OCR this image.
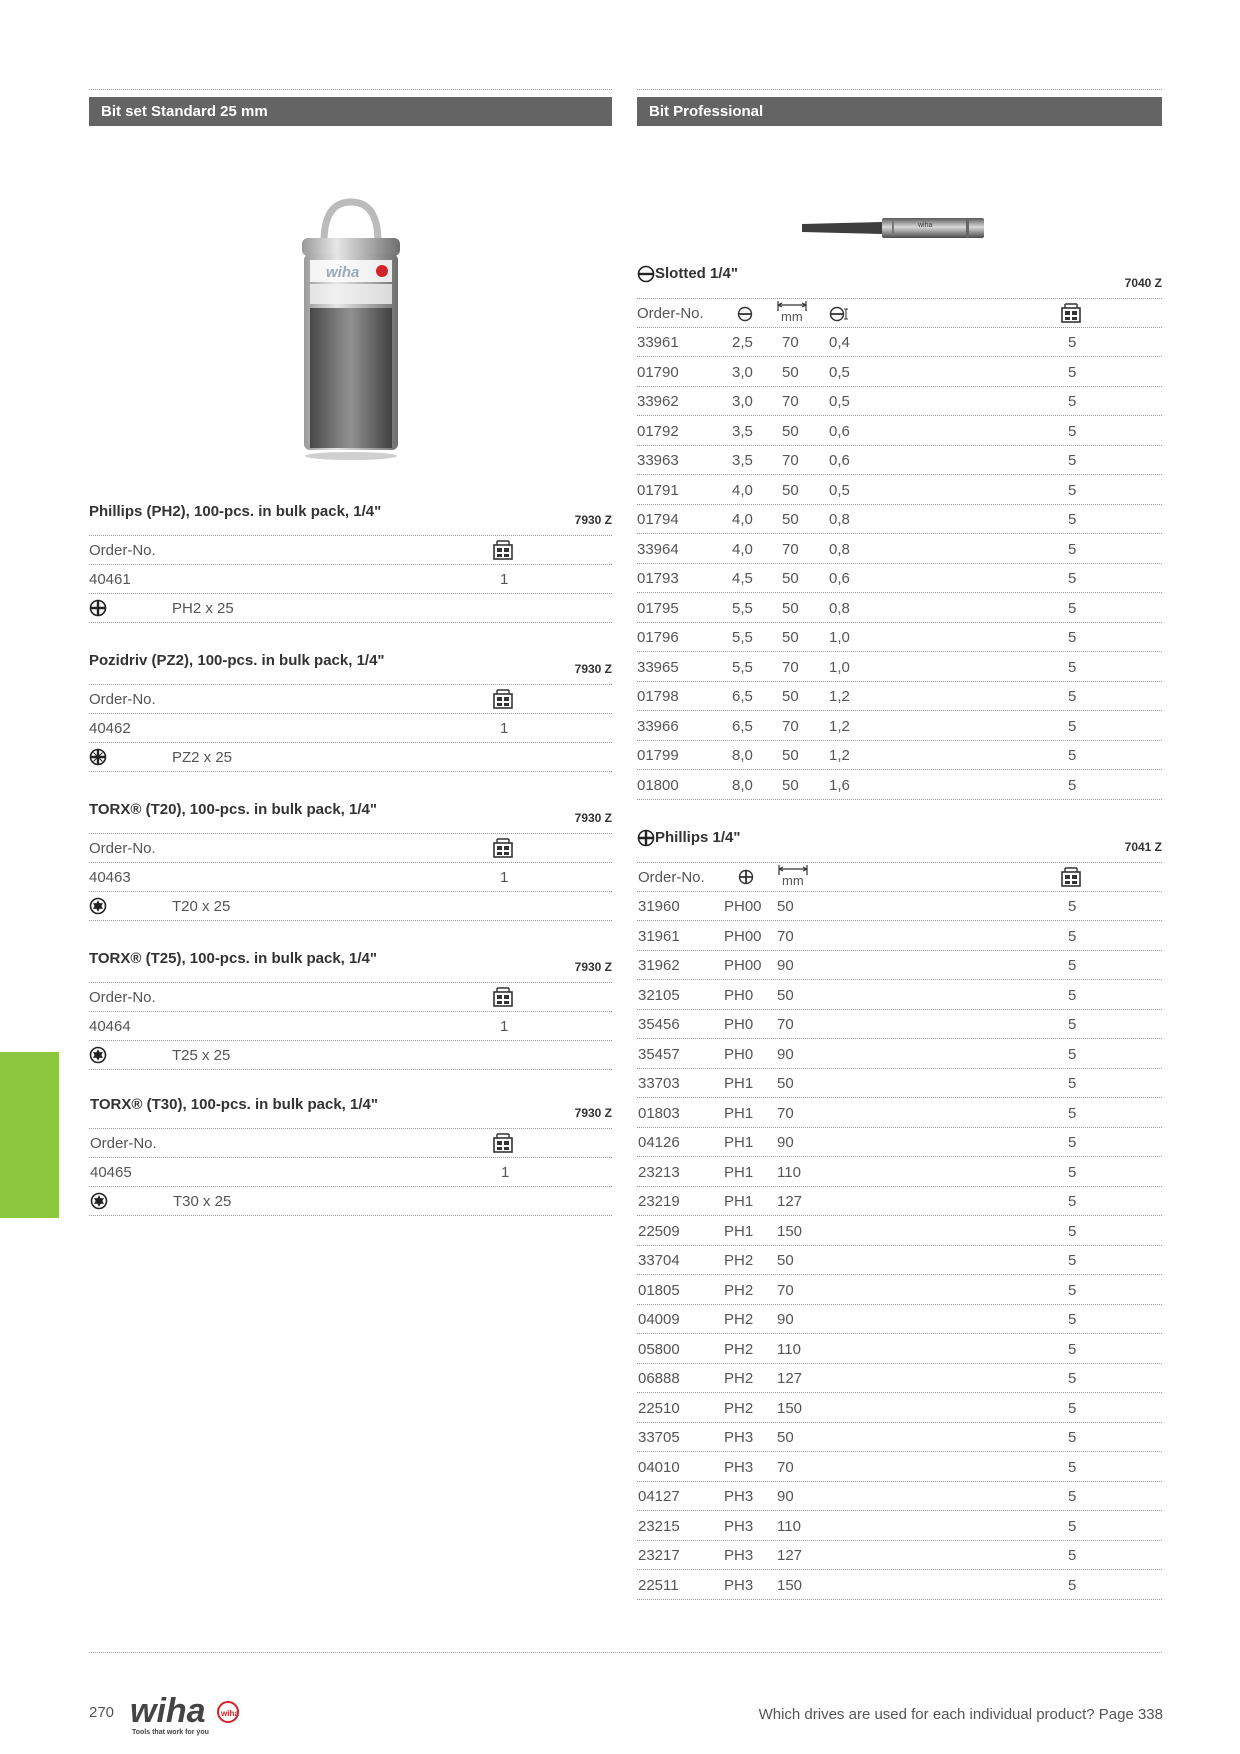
Bit set Standard 25 mm	Bit Professional
wiha
wiha
Phillips (PH2), 100-pcs. in bulk pack, 1/4"	7930 Z
Order-No.
40461	1
PH2 x 25
Pozidriv (PZ2), 100-pcs. in bulk pack, 1/4"	7930 Z
Order-No.
40462	1
PZ2 x 25
TORX® (T20), 100-pcs. in bulk pack, 1/4"	7930 Z
Order-No.
40463	1
T20 x 25
TORX® (T25), 100-pcs. in bulk pack, 1/4"	7930 Z
Order-No.
40464	1
T25 x 25
TORX® (T30), 100-pcs. in bulk pack, 1/4"	7930 Z
Order-No.
40465	1
T30 x 25
Slotted 1/4"
7040 Z
Order-No.	mm
33961	2,5 70 0,4	5
01790	3,0 50 0,5	5
33962	3,0 70 0,5	5
01792	3,5 50 0,6	5
33963	3,5 70 0,6	5
01791	4,0 50 0,5	5
01794	4,0 50 0,8	5
33964	4,0 70 0,8	5
01793	4,5 50 0,6	5
01795	5,5 50 0,8	5
01796	5,5 50 1,0	5
33965	5,5 70 1,0	5
01798	6,5 50 1,2	5
33966	6,5 70 1,2	5
01799	8,0 50 1,2	5
01800	8,0 50 1,6	5
Phillips 1/4"
7041 Z
Order-No.	mm
31960	PH00 50	5
31961	PH00 70	5
31962	PH00 90	5
32105	PH0 50	5
35456	PH0 70	5
35457	PH0 90	5
33703	PH1 50	5
01803	PH1 70	5
04126	PH1 90	5
23213	PH1 110	5
23219	PH1 127	5
22509	PH1 150	5
33704	PH2 50	5
01805	PH2 70	5
04009	PH2 90	5
05800	PH2 110	5
06888	PH2 127	5
22510	PH2 150	5
33705	PH3 50	5
04010	PH3 70	5
04127	PH3 90	5
23215	PH3 110	5
23217	PH3 127	5
22511	PH3 150	5
270 wiha wiha
Tools that work for you
Which drives are used for each individual product? Page 338
